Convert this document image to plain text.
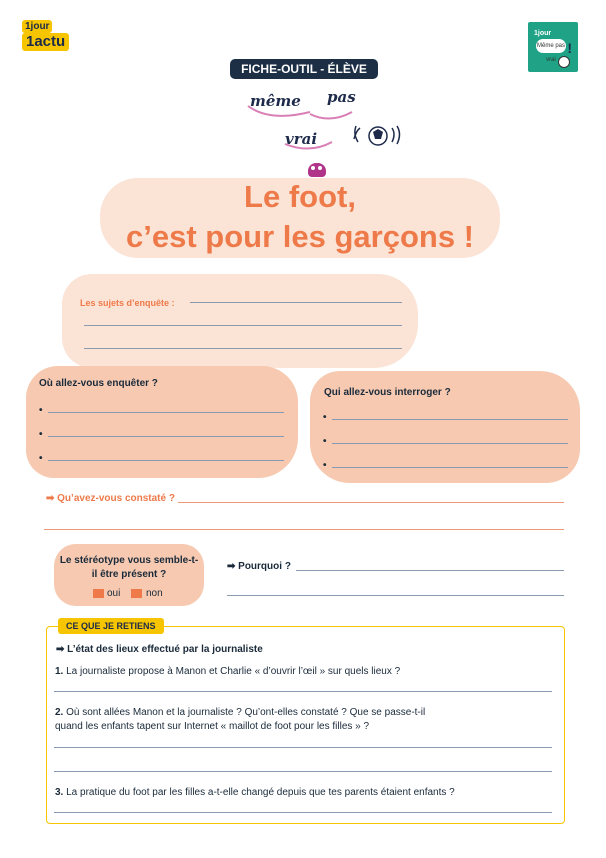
1jour
1actu	1jour
Même pas vrai
!
FICHE-OUTIL - ÉLÈVE
même pas
vrai
Le foot,
c’est pour les garçons !
Les sujets d’enquête :
Où allez-vous enquêter ?
•
•
•
Qui allez-vous interroger ?
•
•
•
➡ Qu’avez-vous constaté ?
Le stéréotype vous semble-t-il être présent ?
oui	non
➡ Pourquoi ?
CE QUE JE RETIENS
➡ L’état des lieux effectué par la journaliste
1. La journaliste propose à Manon et Charlie « d’ouvrir l’œil » sur quels lieux ?
2. Où sont allées Manon et la journaliste ? Qu’ont-elles constaté ? Que se passe-t-il
quand les enfants tapent sur Internet « maillot de foot pour les filles » ?
3. La pratique du foot par les filles a-t-elle changé depuis que tes parents étaient enfants ?
